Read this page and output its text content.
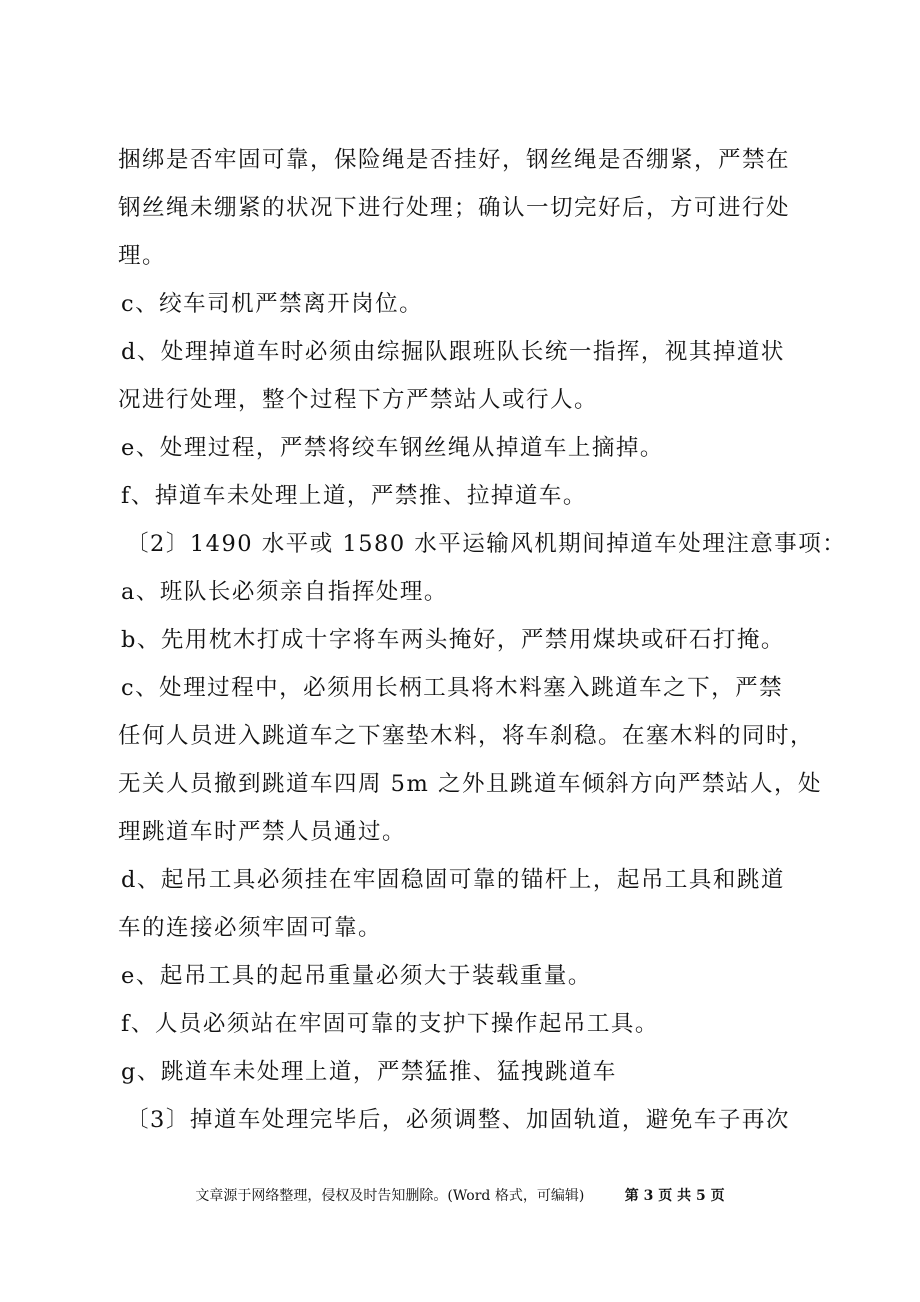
捆绑是否牢固可靠，保险绳是否挂好，钢丝绳是否绷紧，严禁在

钢丝绳未绷紧的状况下进行处理；确认一切完好后，方可进行处

理。

c、绞车司机严禁离开岗位。

d、处理掉道车时必须由综掘队跟班队长统一指挥，视其掉道状

况进行处理，整个过程下方严禁站人或行人。

e、处理过程，严禁将绞车钢丝绳从掉道车上摘掉。

f、掉道车未处理上道，严禁推、拉掉道车。

〔2〕1490 水平或 1580 水平运输风机期间掉道车处理注意事项：

a、班队长必须亲自指挥处理。

b、先用枕木打成十字将车两头掩好，严禁用煤块或矸石打掩。

c、处理过程中，必须用长柄工具将木料塞入跳道车之下，严禁

任何人员进入跳道车之下塞垫木料，将车刹稳。在塞木料的同时，

无关人员撤到跳道车四周 5m 之外且跳道车倾斜方向严禁站人，处

理跳道车时严禁人员通过。

d、起吊工具必须挂在牢固稳固可靠的锚杆上，起吊工具和跳道

车的连接必须牢固可靠。

e、起吊工具的起吊重量必须大于装载重量。

f、人员必须站在牢固可靠的支护下操作起吊工具。

g、跳道车未处理上道，严禁猛推、猛拽跳道车

〔3〕掉道车处理完毕后，必须调整、加固轨道，避免车子再次

文章源于网络整理，侵权及时告知删除。(Word 格式，可编辑)	第 3 页 共 5 页
